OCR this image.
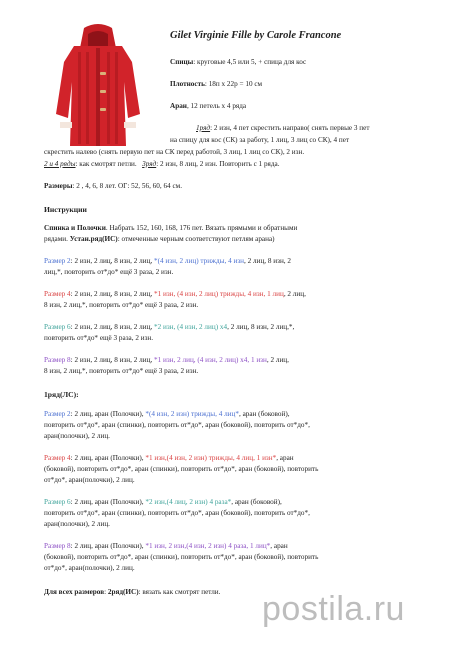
Gilet Virginie Fille by Carole Francone
Спицы: круговые 4,5 или 5, + спица для кос
Плотность: 18п х 22р = 10 см
Аран, 12 петель х 4 ряда
1ряд: 2 изн, 4 пет скрестить направо( снять первые 3 пет
на спицу для кос (СК) за работу, 1 лиц, 3 лиц со СК), 4 пет
скрестить налево (снять первую пет на СК перед работой, 3 лиц, 1 лиц со СК), 2 изн.
2 и 4 ряды: как смотрят петли. 3ряд: 2 изн, 8 лиц, 2 изн. Повторить с 1 ряда.
Размеры: 2 , 4, 6, 8 лет. ОГ: 52, 56, 60, 64 см.
Инструкции
Спинка и Полочки. Набрать 152, 160, 168, 176 пет. Вязать прямыми и обратными
рядами. Устан.ряд(ИС): отмеченные черным соответствуют петлям арана)
Размер 2: 2 изн, 2 лиц, 8 изн, 2 лиц, *(4 изн, 2 лиц) трижды, 4 изн, 2 лиц, 8 изн, 2
лиц,*, повторить от*до* ещё 3 раза, 2 изн.
Размер 4: 2 изн, 2 лиц, 8 изн, 2 лиц, *1 изн, (4 изн, 2 лиц) трижды, 4 изн, 1 лиц, 2 лиц,
8 изн, 2 лиц,*, повторить от*до* ещё 3 раза, 2 изн.
Размер 6: 2 изн, 2 лиц, 8 изн, 2 лиц, *2 изн, (4 изн, 2 лиц) х4, 2 лиц, 8 изн, 2 лиц,*,
повторить от*до* ещё 3 раза, 2 изн.
Размер 8: 2 изн, 2 лиц, 8 изн, 2 лиц, *1 изн, 2 лиц, (4 изн, 2 лиц) х4, 1 изн, 2 лиц,
8 изн, 2 лиц,*, повторить от*до* ещё 3 раза, 2 изн.
1ряд(ЛС):
Размер 2: 2 лиц, аран (Полочки), *(4 изн, 2 изн) трижды, 4 лиц*, аран (боковой),
повторить от*до*, аран (спинки), повторить от*до*, аран (боковой), повторить от*до*,
аран(полочки), 2 лиц.
Размер 4: 2 лиц, аран (Полочки), *1 изн,(4 изн, 2 изн) трижды, 4 лиц, 1 изн*, аран
(боковой), повторить от*до*, аран (спинки), повторить от*до*, аран (боковой), повторить
от*до*, аран(полочки), 2 лиц.
Размер 6: 2 лиц, аран (Полочки), *2 изн,(4 лиц, 2 изн) 4 раза*, аран (боковой),
повторить от*до*, аран (спинки), повторить от*до*, аран (боковой), повторить от*до*,
аран(полочки), 2 лиц.
Размер 8: 2 лиц, аран (Полочки), *1 изн, 2 изн,(4 изн, 2 изн) 4 раза, 1 лиц*, аран
(боковой), повторить от*до*, аран (спинки), повторить от*до*, аран (боковой), повторить
от*до*, аран(полочки), 2 лиц.
Для всех размеров: 2ряд(ИС): вязать как смотрят петли. postila.ru
